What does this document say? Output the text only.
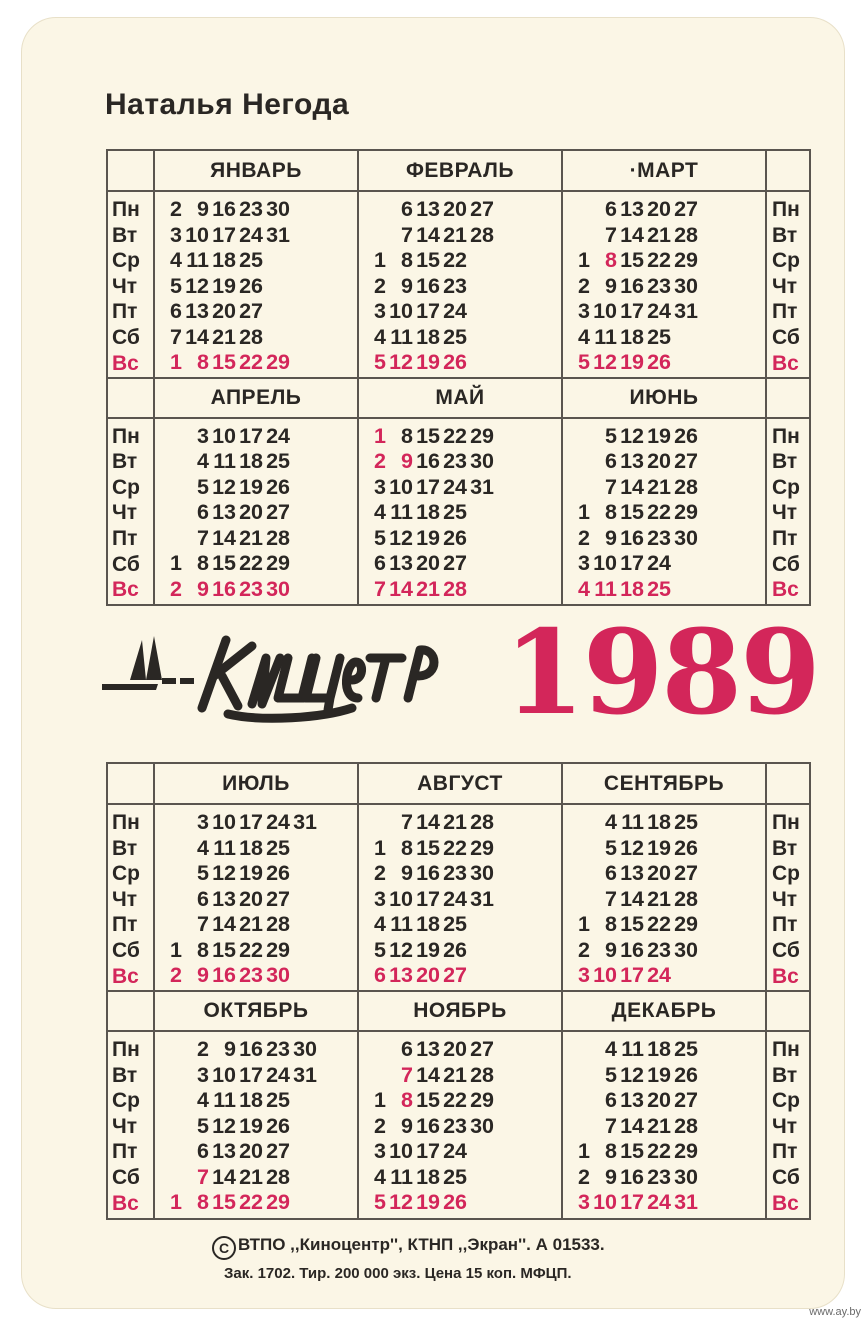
Наталья Негода
Пн
Вт
Ср
Чт
Пт
Сб
Вс
Пн
Вт
Ср
Чт
Пт
Сб
Вс
ЯНВАРЬ
2 9 16 23 30
3 10 17 24 31
4 11 18 25
5 12 19 26
6 13 20 27
7 14 21 28
1 8 15 22 29
ФЕВРАЛЬ
6 13 20 27
7 14 21 28
1 8 15 22
2 9 16 23
3 10 17 24
4 11 18 25
5 12 19 26
·МАРТ
6 13 20 27
7 14 21 28
1 8 15 22 29
2 9 16 23 30
3 10 17 24 31
4 11 18 25
5 12 19 26
Пн
Вт
Ср
Чт
Пт
Сб
Вс
Пн
Вт
Ср
Чт
Пт
Сб
Вс
АПРЕЛЬ
3 10 17 24
4 11 18 25
5 12 19 26
6 13 20 27
7 14 21 28
1 8 15 22 29
2 9 16 23 30
МАЙ
1 8 15 22 29
2 9 16 23 30
3 10 17 24 31
4 11 18 25
5 12 19 26
6 13 20 27
7 14 21 28
ИЮНЬ
5 12 19 26
6 13 20 27
7 14 21 28
1 8 15 22 29
2 9 16 23 30
3 10 17 24
4 11 18 25
1989
Пн
Вт
Ср
Чт
Пт
Сб
Вс
Пн
Вт
Ср
Чт
Пт
Сб
Вс
ИЮЛЬ
3 10 17 24 31
4 11 18 25
5 12 19 26
6 13 20 27
7 14 21 28
1 8 15 22 29
2 9 16 23 30
АВГУСТ
7 14 21 28
1 8 15 22 29
2 9 16 23 30
3 10 17 24 31
4 11 18 25
5 12 19 26
6 13 20 27
СЕНТЯБРЬ
4 11 18 25
5 12 19 26
6 13 20 27
7 14 21 28
1 8 15 22 29
2 9 16 23 30
3 10 17 24
Пн
Вт
Ср
Чт
Пт
Сб
Вс
Пн
Вт
Ср
Чт
Пт
Сб
Вс
ОКТЯБРЬ
2 9 16 23 30
3 10 17 24 31
4 11 18 25
5 12 19 26
6 13 20 27
7 14 21 28
1 8 15 22 29
НОЯБРЬ
6 13 20 27
7 14 21 28
1 8 15 22 29
2 9 16 23 30
3 10 17 24
4 11 18 25
5 12 19 26
ДЕКАБРЬ
4 11 18 25
5 12 19 26
6 13 20 27
7 14 21 28
1 8 15 22 29
2 9 16 23 30
3 10 17 24 31
C ВТПО ,,Киноцентр'', КТНП ,,Экран''. А 01533.
Зак. 1702. Тир. 200 000 экз. Цена 15 коп. МФЦП.
www.ay.by
